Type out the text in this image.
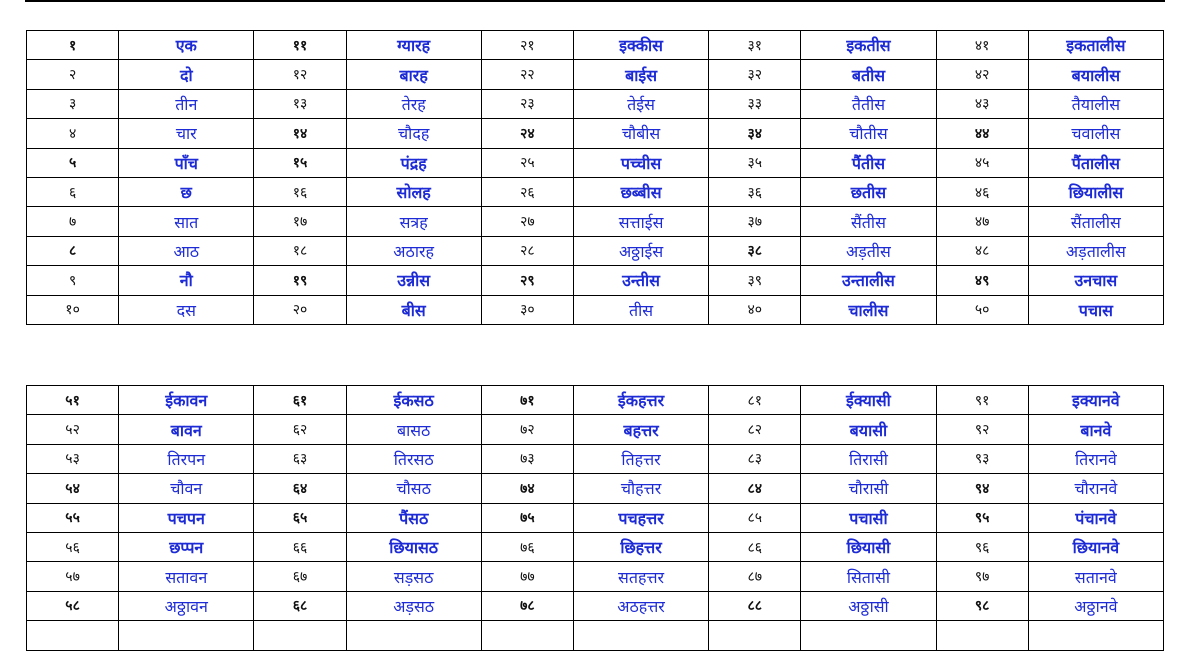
१	एक	११	ग्यारह	२१	इक्कीस	३१	इकतीस	४१	इकतालीस
२	दो	१२	बारह	२२	बाईस	३२	बतीस	४२	बयालीस
३	तीन	१३	तेरह	२३	तेईस	३३	तैतीस	४३	तैयालीस
४	चार	१४	चौदह	२४	चौबीस	३४	चौतीस	४४	चवालीस
५	पाँच	१५	पंद्रह	२५	पच्चीस	३५	पैंतीस	४५	पैंतालीस
६	छ	१६	सोलह	२६	छब्बीस	३६	छतीस	४६	छियालीस
७	सात	१७	सत्रह	२७	सत्ताईस	३७	सैंतीस	४७	सैंतालीस
८	आठ	१८	अठारह	२८	अठ्ठाईस	३८	अड़तीस	४८	अड़तालीस
९	नौ	१९	उन्नीस	२९	उन्तीस	३९	उन्तालीस	४९	उनचास
१०	दस	२०	बीस	३०	तीस	४०	चालीस	५०	पचास
५१	ईकावन	६१	ईकसठ	७१	ईकहत्तर	८१	ईक्यासी	९१	इक्यानवे
५२	बावन	६२	बासठ	७२	बहत्तर	८२	बयासी	९२	बानवे
५३	तिरपन	६३	तिरसठ	७३	तिहत्तर	८३	तिरासी	९३	तिरानवे
५४	चौवन	६४	चौसठ	७४	चौहत्तर	८४	चौरासी	९४	चौरानवे
५५	पचपन	६५	पैंसठ	७५	पचहत्तर	८५	पचासी	९५	पंचानवे
५६	छप्पन	६६	छियासठ	७६	छिहत्तर	८६	छियासी	९६	छियानवे
५७	सतावन	६७	सड़सठ	७७	सतहत्तर	८७	सितासी	९७	सतानवे
५८	अठ्ठावन	६८	अड़सठ	७८	अठहत्तर	८८	अठ्ठासी	९८	अठ्ठानवे
